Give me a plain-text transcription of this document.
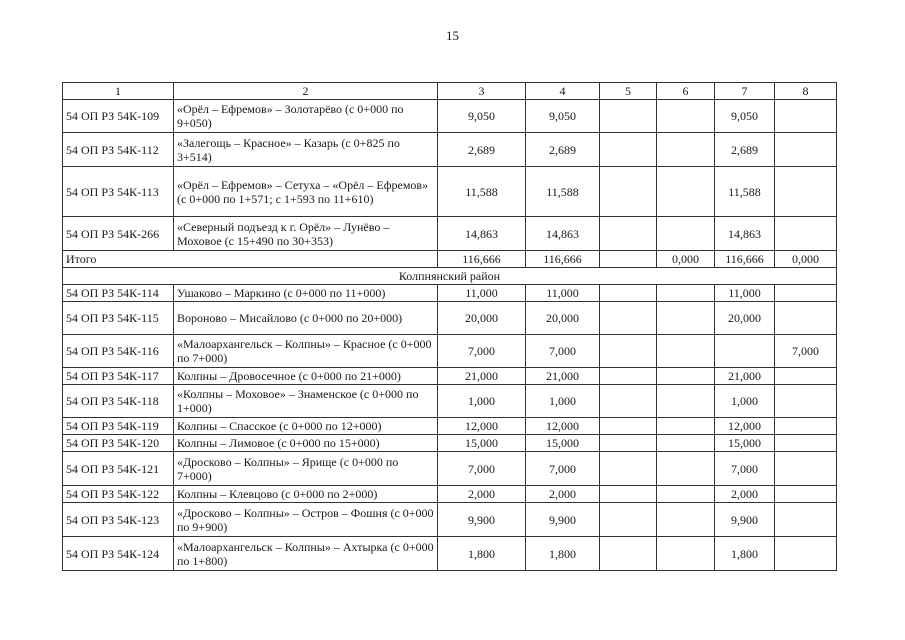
15
1	2	3	4	5	6	7	8
54 ОП РЗ 54К-109	«Орёл – Ефремов» – Золотарёво (с 0+000 по 9+050)	9,050	9,050			9,050	
54 ОП РЗ 54К-112	«Залегощь – Красное» – Казарь (с 0+825 по 3+514)	2,689	2,689			2,689	
54 ОП РЗ 54К-113	«Орёл – Ефремов» – Сетуха – «Орёл – Ефремов» (с 0+000 по 1+571; с 1+593 по 11+610)	11,588	11,588			11,588	
54 ОП РЗ 54К-266	«Северный подъезд к г. Орёл» – Лунёво – Моховое (с 15+490 по 30+353)	14,863	14,863			14,863	
Итого		116,666	116,666		0,000	116,666	0,000
Колпнянский район							
54 ОП РЗ 54К-114	Ушаково – Маркино (с 0+000 по 11+000)	11,000	11,000			11,000	
54 ОП РЗ 54К-115	Вороново – Мисайлово (с 0+000 по 20+000)	20,000	20,000			20,000	
54 ОП РЗ 54К-116	«Малоархангельск – Колпны» – Красное (с 0+000 по 7+000)	7,000	7,000				7,000
54 ОП РЗ 54К-117	Колпны – Дровосечное (с 0+000 по 21+000)	21,000	21,000			21,000	
54 ОП РЗ 54К-118	«Колпны – Моховое» – Знаменское (с 0+000 по 1+000)	1,000	1,000			1,000	
54 ОП РЗ 54К-119	Колпны – Спасское (с 0+000 по 12+000)	12,000	12,000			12,000	
54 ОП РЗ 54К-120	Колпны – Лимовое (с 0+000 по 15+000)	15,000	15,000			15,000	
54 ОП РЗ 54К-121	«Дросково – Колпны» – Ярище (с 0+000 по 7+000)	7,000	7,000			7,000	
54 ОП РЗ 54К-122	Колпны – Клевцово (с 0+000 по 2+000)	2,000	2,000			2,000	
54 ОП РЗ 54К-123	«Дросково – Колпны» – Остров – Фошня (с 0+000 по 9+900)	9,900	9,900			9,900	
54 ОП РЗ 54К-124	«Малоархангельск – Колпны» – Ахтырка (с 0+000 по 1+800)	1,800	1,800			1,800	
